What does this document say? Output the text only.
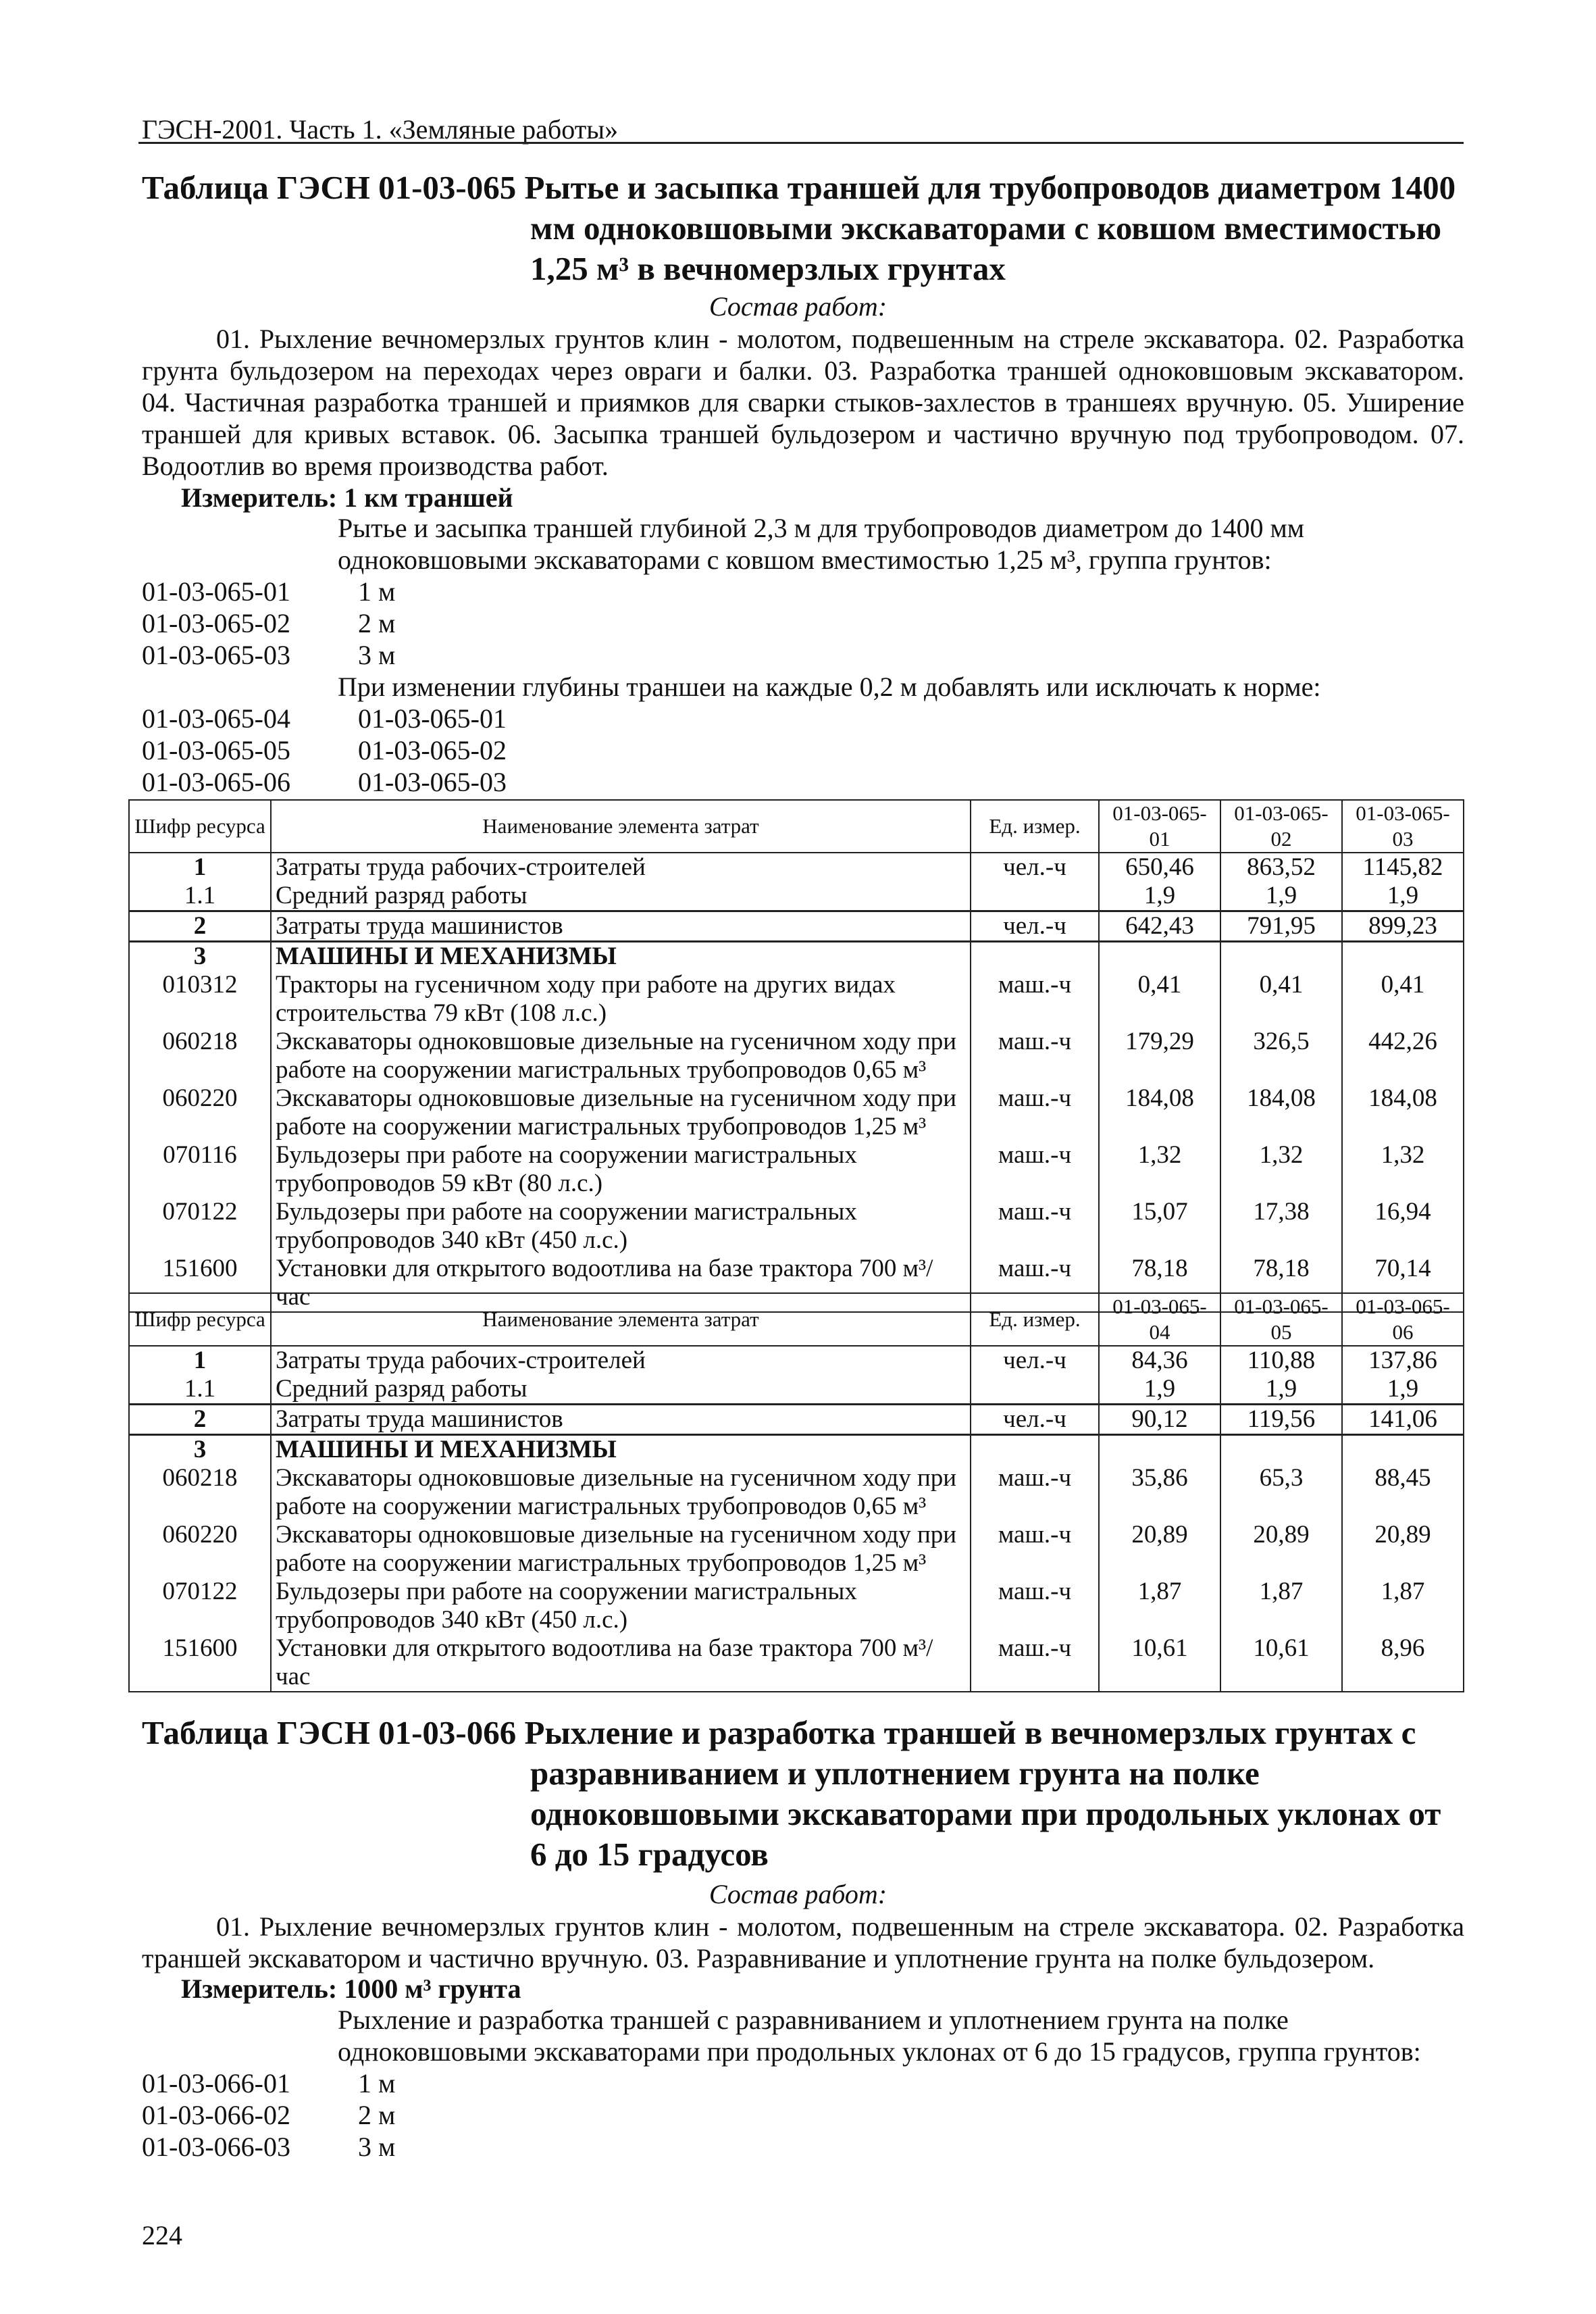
ГЭСН-2001. Часть 1. «Земляные работы»
Таблица ГЭСН 01-03-065 Рытье и засыпка траншей для трубопроводов диаметром 1400
мм одноковшовыми экскаваторами с ковшом вместимостью
1,25 м³ в вечномерзлых грунтах
Состав работ:
01. Рыхление вечномерзлых грунтов клин - молотом, подвешенным на стреле экскаватора. 02. Разработка
грунта бульдозером на переходах через овраги и балки. 03. Разработка траншей одноковшовым экскаватором.
04. Частичная разработка траншей и приямков для сварки стыков-захлестов в траншеях вручную. 05. Уширение
траншей для кривых вставок. 06. Засыпка траншей бульдозером и частично вручную под трубопроводом. 07.
Водоотлив во время производства работ.
Измеритель: 1 км траншей
Рытье и засыпка траншей глубиной 2,3 м для трубопроводов диаметром до 1400 мм
одноковшовыми экскаваторами с ковшом вместимостью 1,25 м³, группа грунтов:
01-03-065-01	1 м
01-03-065-02	2 м
01-03-065-03	3 м
При изменении глубины траншеи на каждые 0,2 м добавлять или исключать к норме:
01-03-065-04	01-03-065-01
01-03-065-05	01-03-065-02
01-03-065-06	01-03-065-03
Шифр ресурса	Наименование элемента затрат	Ед. измер.	01-03-065-01	01-03-065-02	01-03-065-03
1	Затраты труда рабочих-строителей	чел.-ч	650,46	863,52	1145,82
1.1	Средний разряд работы		1,9	1,9	1,9
2	Затраты труда машинистов	чел.-ч	642,43	791,95	899,23
3	МАШИНЫ И МЕХАНИЗМЫ				
010312	Тракторы на гусеничном ходу при работе на других видах строительства 79 кВт (108 л.с.)	маш.-ч	0,41	0,41	0,41
060218	Экскаваторы одноковшовые дизельные на гусеничном ходу при работе на сооружении магистральных трубопроводов 0,65 м³	маш.-ч	179,29	326,5	442,26
060220	Экскаваторы одноковшовые дизельные на гусеничном ходу при работе на сооружении магистральных трубопроводов 1,25 м³	маш.-ч	184,08	184,08	184,08
070116	Бульдозеры при работе на сооружении магистральных трубопроводов 59 кВт (80 л.с.)	маш.-ч	1,32	1,32	1,32
070122	Бульдозеры при работе на сооружении магистральных трубопроводов 340 кВт (450 л.с.)	маш.-ч	15,07	17,38	16,94
151600	Установки для открытого водоотлива на базе трактора 700 м³/час	маш.-ч	78,18	78,18	70,14
Шифр ресурса	Наименование элемента затрат	Ед. измер.	01-03-065-04	01-03-065-05	01-03-065-06
1	Затраты труда рабочих-строителей	чел.-ч	84,36	110,88	137,86
1.1	Средний разряд работы		1,9	1,9	1,9
2	Затраты труда машинистов	чел.-ч	90,12	119,56	141,06
3	МАШИНЫ И МЕХАНИЗМЫ				
060218	Экскаваторы одноковшовые дизельные на гусеничном ходу при работе на сооружении магистральных трубопроводов 0,65 м³	маш.-ч	35,86	65,3	88,45
060220	Экскаваторы одноковшовые дизельные на гусеничном ходу при работе на сооружении магистральных трубопроводов 1,25 м³	маш.-ч	20,89	20,89	20,89
070122	Бульдозеры при работе на сооружении магистральных трубопроводов 340 кВт (450 л.с.)	маш.-ч	1,87	1,87	1,87
151600	Установки для открытого водоотлива на базе трактора 700 м³/час	маш.-ч	10,61	10,61	8,96
Таблица ГЭСН 01-03-066 Рыхление и разработка траншей в вечномерзлых грунтах с
разравниванием и уплотнением грунта на полке
одноковшовыми экскаваторами при продольных уклонах от
6 до 15 градусов
Состав работ:
01. Рыхление вечномерзлых грунтов клин - молотом, подвешенным на стреле экскаватора. 02. Разработка
траншей экскаватором и частично вручную. 03. Разравнивание и уплотнение грунта на полке бульдозером.
Измеритель: 1000 м³ грунта
Рыхление и разработка траншей с разравниванием и уплотнением грунта на полке
одноковшовыми экскаваторами при продольных уклонах от 6 до 15 градусов, группа грунтов:
01-03-066-01	1 м
01-03-066-02	2 м
01-03-066-03	3 м
224
